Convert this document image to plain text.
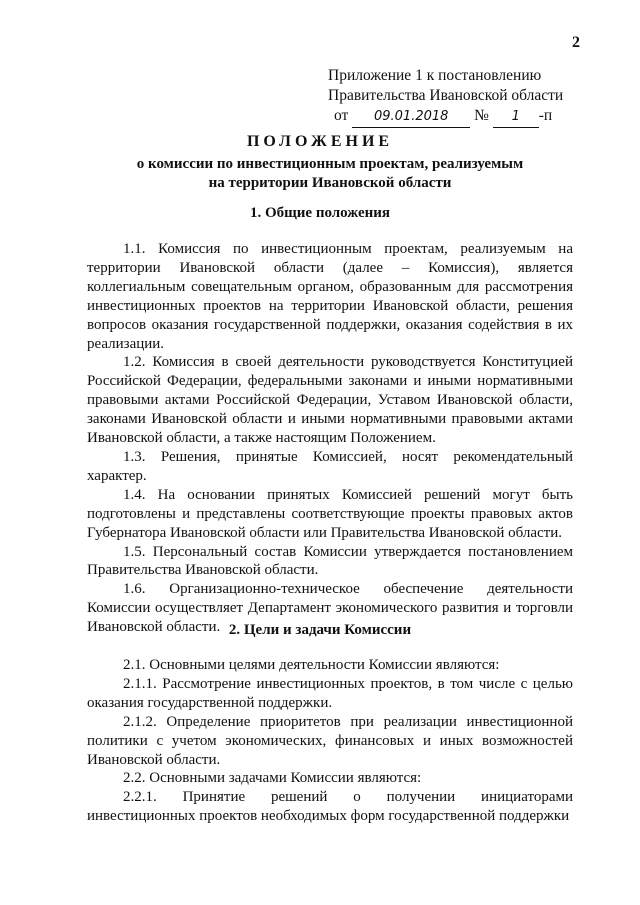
2
Приложение 1 к постановлению
Правительства Ивановской области
от 09.01.2018 № 1 -п
ПОЛОЖЕНИЕ
о комиссии по инвестиционным проектам, реализуемым на территории Ивановской области
1. Общие положения

1.1. Комиссия по инвестиционным проектам, реализуемым на территории Ивановской области (далее – Комиссия), является коллегиальным совещательным органом, образованным для рассмотрения инвестиционных проектов на территории Ивановской области, решения вопросов оказания государственной поддержки, оказания содействия в их реализации.

1.2. Комиссия в своей деятельности руководствуется Конституцией Российской Федерации, федеральными законами и иными нормативными правовыми актами Российской Федерации, Уставом Ивановской области, законами Ивановской области и иными нормативными правовыми актами Ивановской области, а также настоящим Положением.

1.3. Решения, принятые Комиссией, носят рекомендательный характер.

1.4. На основании принятых Комиссией решений могут быть подготовлены и представлены соответствующие проекты правовых актов Губернатора Ивановской области или Правительства Ивановской области.

1.5. Персональный состав Комиссии утверждается постановлением Правительства Ивановской области.

1.6. Организационно-техническое обеспечение деятельности Комиссии осуществляет Департамент экономического развития и торговли Ивановской области. 2. Цели и задачи Комиссии

2.1. Основными целями деятельности Комиссии являются:

2.1.1. Рассмотрение инвестиционных проектов, в том числе с целью оказания государственной поддержки.

2.1.2. Определение приоритетов при реализации инвестиционной политики с учетом экономических, финансовых и иных возможностей Ивановской области.

2.2. Основными задачами Комиссии являются:

2.2.1. Принятие решений о получении инициаторами инвестиционных проектов необходимых форм государственной поддержки
